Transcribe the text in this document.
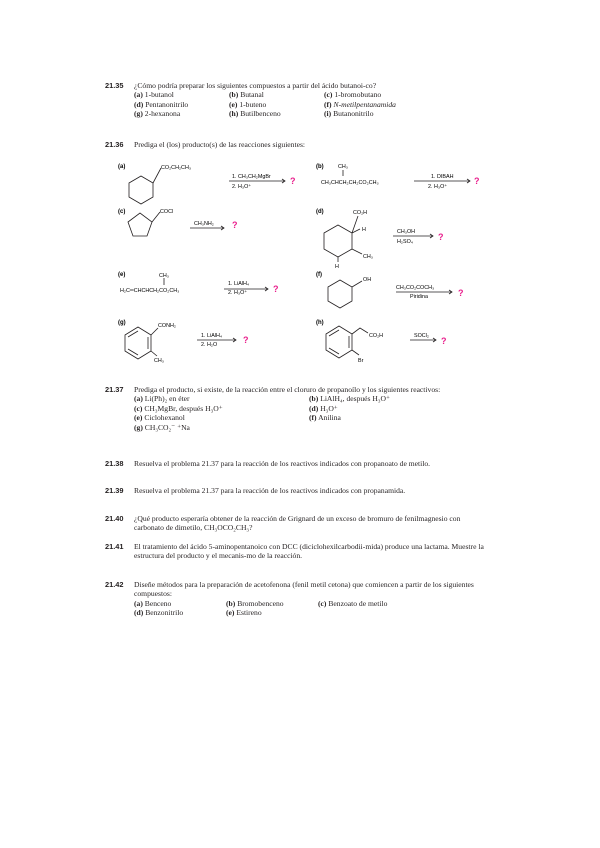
21.35 ¿Cómo podría preparar los siguientes compuestos a partir del ácido butanoi-co?
(a) 1-butanol	(b) Butanal	(c) 1-bromobutano
(d) Pentanonitrilo	(e) 1-buteno	(f) N-metilpentanamida
(g) 2-hexanona	(h) Butilbenceno	(i) Butanonitrilo
21.36 Prediga el (los) producto(s) de las reacciones siguientes:
(a)	CO₂CH₂CH₃
1. CH₃CH₂MgBr
2. H₃O⁺
?
(b)	CH₃
CH₃CHCH₂CH₂CO₂CH₃
1. DIBAH
2. H₃O⁺
?
(c)	COCl
CH₃NH₂ ?
(d)	CO₂H
H
CH₃
H
CH₃OH
H₂SO₄	?
(e)	CH₃
H₂C═CHCHCH₂CO₂CH₃
1. LiAlH₄
2. H₃O⁺	?
(f)
OH
CH₃CO₂COCH₃
Piridina	?
(g)	CONH₂
CH₃
1. LiAlH₄
2. H₂O	?
(h)
CO₂H
Br
SOCl₂ ?
21.37 Prediga el producto, si existe, de la reacción entre el cloruro de propanoílo y los siguientes reactivos:
(a) Li(Ph)₂ en éter	(b) LiAlH₄, después H₃O⁺
(c) CH₃MgBr, después H₃O⁺	(d) H₃O⁺
(e) Ciclohexanol	(f) Anilina
(g) CH₃CO₂⁻ ⁺Na
21.38 Resuelva el problema 21.37 para la reacción de los reactivos indicados con propanoato de metilo.
21.39 Resuelva el problema 21.37 para la reacción de los reactivos indicados con propanamida.
21.40 ¿Qué producto esperaría obtener de la reacción de Grignard de un exceso de bromuro de fenilmagnesio con carbonato de dimetilo, CH₃OCO₂CH₃?
21.41 El tratamiento del ácido 5-aminopentanoico con DCC (diciclohexilcarbodii-mida) produce una lactama. Muestre la estructura del producto y el mecanis-mo de la reacción.
21.42 Diseñe métodos para la preparación de acetofenona (fenil metil cetona) que comiencen a partir de los siguientes compuestos:
(a) Benceno	(b) Bromobenceno	(c) Benzoato de metilo
(d) Benzonitrilo	(e) Estireno
